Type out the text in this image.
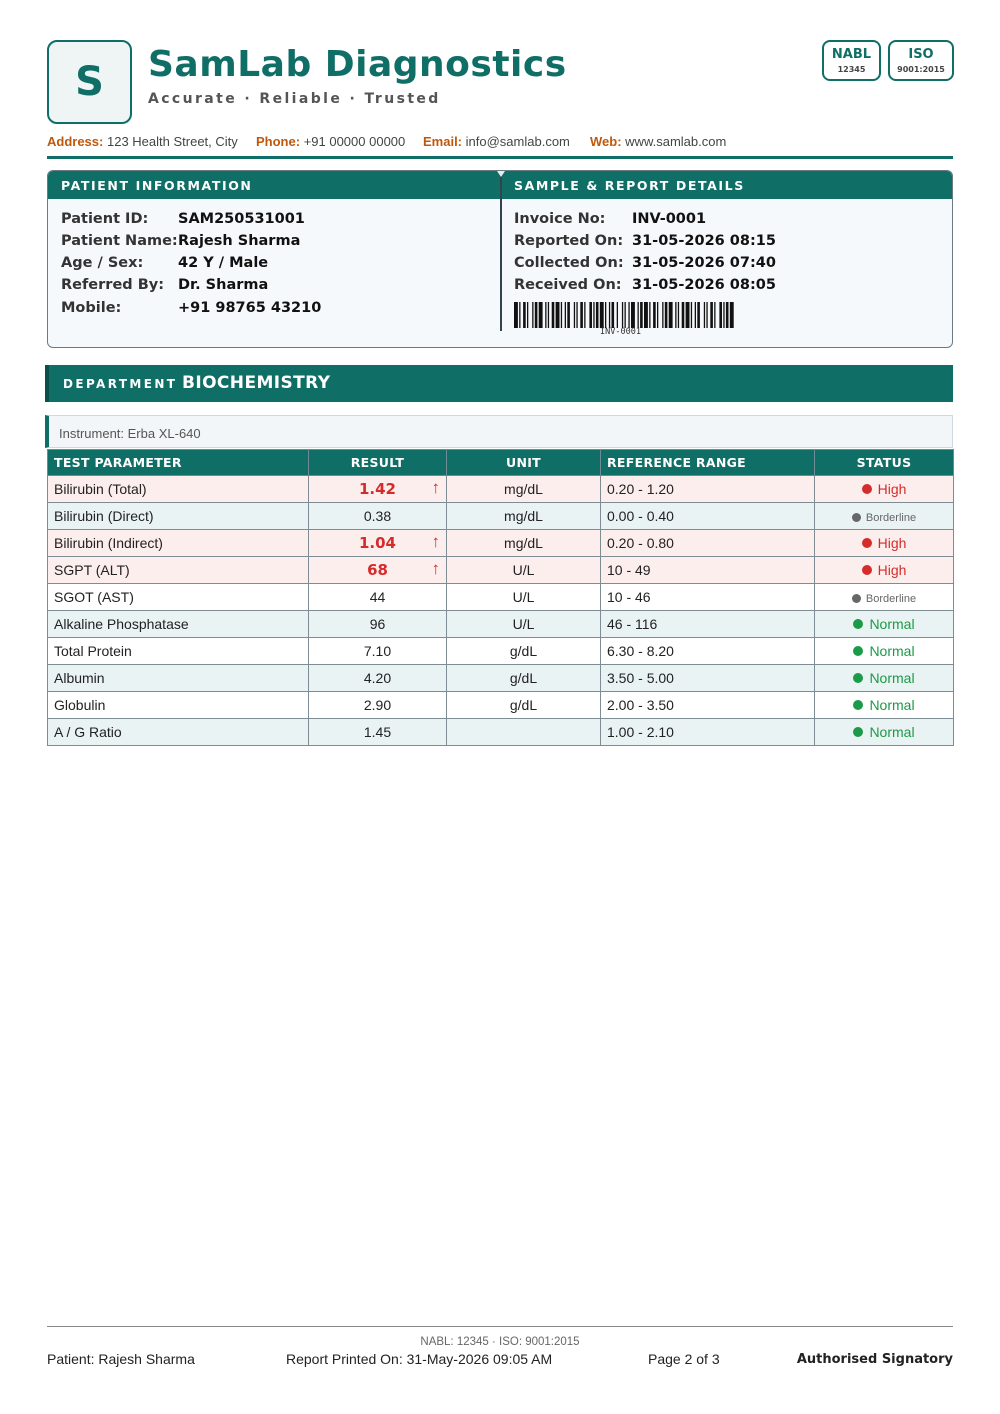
S SamLab Diagnostics
Accurate · Reliable · Trusted
NABL
12345
ISO
9001:2015
Address: 123 Health Street, City Phone: +91 00000 00000 Email: info@samlab.com Web: www.samlab.com
PATIENT INFORMATION	SAMPLE & REPORT DETAILS
Patient ID: SAM250531001
Patient Name: Rajesh Sharma
Age / Sex: 42 Y / Male
Referred By: Dr. Sharma
Mobile:	+91 98765 43210
Invoice No: INV-0001
Reported On: 31-05-2026 08:15
Collected On: 31-05-2026 07:40
Received On: 31-05-2026 08:05
INV-0001
DEPARTMENT BIOCHEMISTRY
Instrument: Erba XL-640
TEST PARAMETER	RESULT	UNIT	REFERENCE RANGE	STATUS
Bilirubin (Total)	1.42 ↑	mg/dL	0.20 - 1.20	High
Bilirubin (Direct)	0.38	mg/dL	0.00 - 0.40	Borderline
Bilirubin (Indirect)	1.04 ↑	mg/dL	0.20 - 0.80	High
SGPT (ALT)	68 ↑	U/L	10 - 49	High
SGOT (AST)	44	U/L	10 - 46	Borderline
Alkaline Phosphatase	96	U/L	46 - 116	Normal
Total Protein	7.10	g/dL	6.30 - 8.20	Normal
Albumin	4.20	g/dL	3.50 - 5.00	Normal
Globulin	2.90	g/dL	2.00 - 3.50	Normal
A / G Ratio	1.45		1.00 - 2.10	Normal
NABL: 12345 · ISO: 9001:2015
Patient: Rajesh Sharma	Report Printed On: 31-May-2026 09:05 AM	Page 2 of 3	Authorised Signatory
